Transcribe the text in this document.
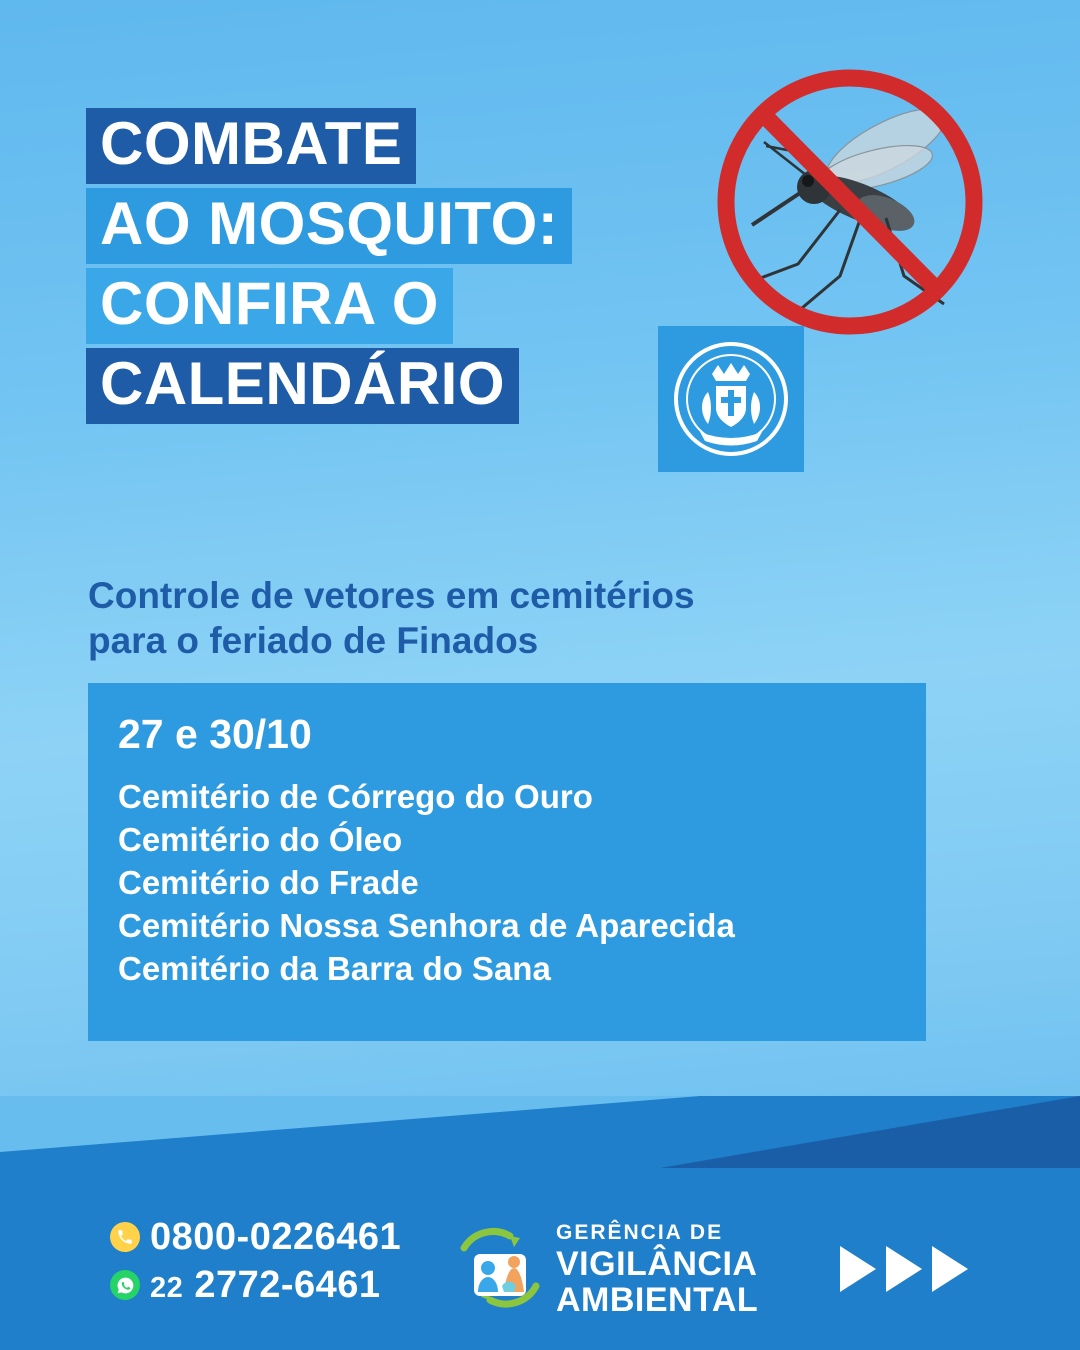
COMBATE
AO MOSQUITO:
CONFIRA O
CALENDÁRIO
Controle de vetores em cemitérios
para o feriado de Finados
27 e 30/10
Cemitério de Córrego do Ouro
Cemitério do Óleo
Cemitério do Frade
Cemitério Nossa Senhora de Aparecida
Cemitério da Barra do Sana
0800-0226461
22 2772-6461
GERÊNCIA DE
VIGILÂNCIA
AMBIENTAL
